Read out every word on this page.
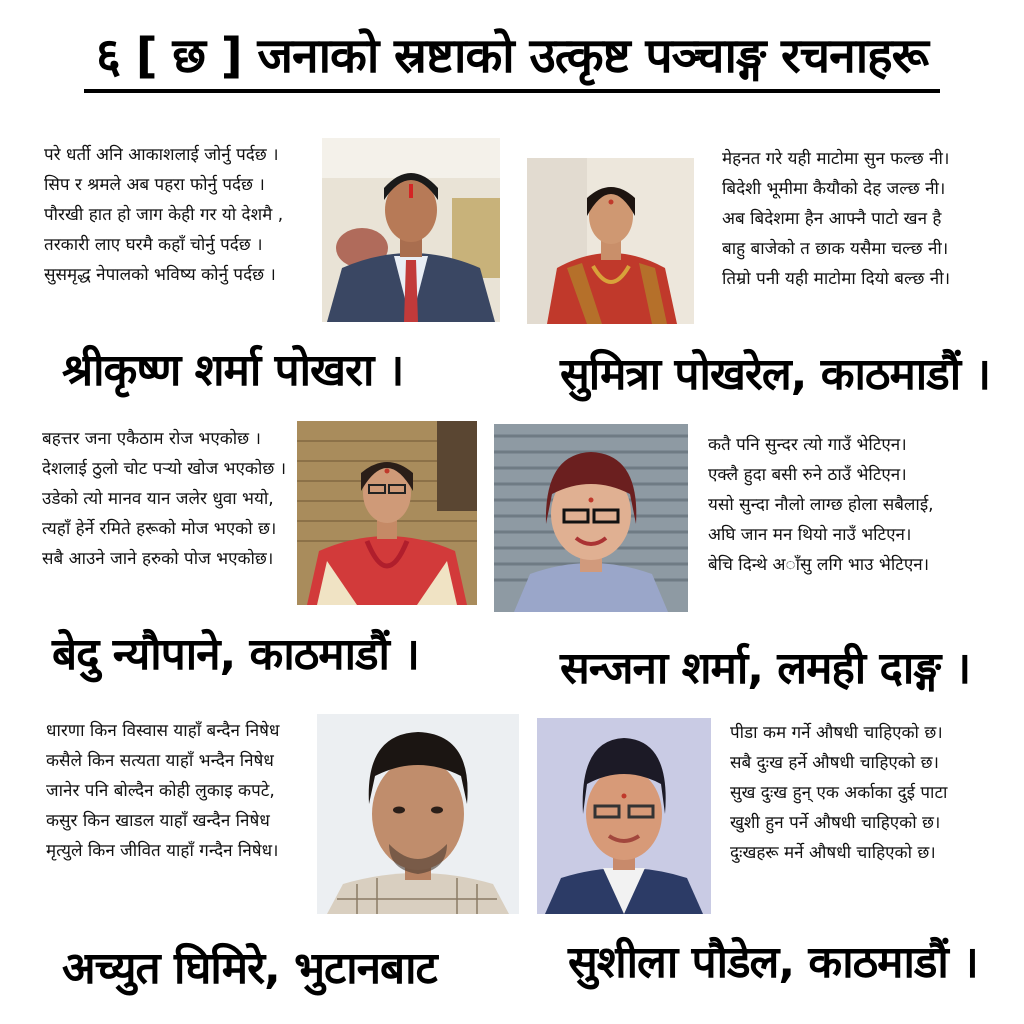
६ [ छ ] जनाको स्रष्टाको उत्कृष्ट पञ्चाङ्ग रचनाहरू
परे धर्ती अनि आकाशलाई जोर्नु पर्दछ ।
सिप र श्रमले अब पहरा फोर्नु पर्दछ ।
पौरखी हात हो जाग केही गर यो देशमै ,
तरकारी लाए घरमै कहाँ चोर्नु पर्दछ ।
सुसमृद्ध नेपालको भविष्य कोर्नु पर्दछ ।
श्रीकृष्ण शर्मा पोखरा ।
मेहनत गरे यही माटोमा सुन फल्छ नी।
बिदेशी भूमीमा कैयौको देह जल्छ नी।
अब बिदेशमा हैन आफ्नै पाटो खन है
बाहु बाजेको त छाक यसैमा चल्छ नी।
तिम्रो पनी यही माटोमा दियो बल्छ नी।
सुमित्रा पोखरेल, काठमाडौं ।
बहत्तर जना एकैठाम रोज भएकोछ ।
देशलाई ठुलो चोट पर्‍यो खोज भएकोछ ।
उडेको त्यो मानव यान जलेर धुवा भयो,
त्यहाँ हेर्ने रमिते हरूको मोज भएको छ।
सबै आउने जाने हरुको पोज भएकोछ।
कतै पनि सुन्दर त्यो गाउँ भेटिएन।
एक्लै हुदा बसी रुने ठाउँ भेटिएन।
यसो सुन्दा नौलो लाग्छ होला सबैलाई,
अघि जान मन थियो नाउँ भटिएन।
बेचि दिन्थे अाँसु लगि भाउ भेटिएन।
बेदु न्यौपाने, काठमाडौं ।	सन्जना शर्मा, लमही दाङ्ग ।
धारणा किन विस्वास याहाँ बन्दैन निषेध
कसैले किन सत्यता याहाँ भन्दैन निषेध
जानेर पनि बोल्दैन कोही लुकाइ कपटे,
कसुर किन खाडल याहाँ खन्दैन निषेध
मृत्युले किन जीवित याहाँ गन्दैन निषेध।
पीडा कम गर्ने औषधी चाहिएको छ।
सबै दुःख हर्ने औषधी चाहिएको छ।
सुख दुःख हुन् एक अर्काका दुई पाटा
खुशी हुन पर्ने औषधी चाहिएको छ।
दुःखहरू मर्ने औषधी चाहिएको छ।
अच्युत घिमिरे, भुटानबाट	सुशीला पौडेल, काठमाडौं ।
